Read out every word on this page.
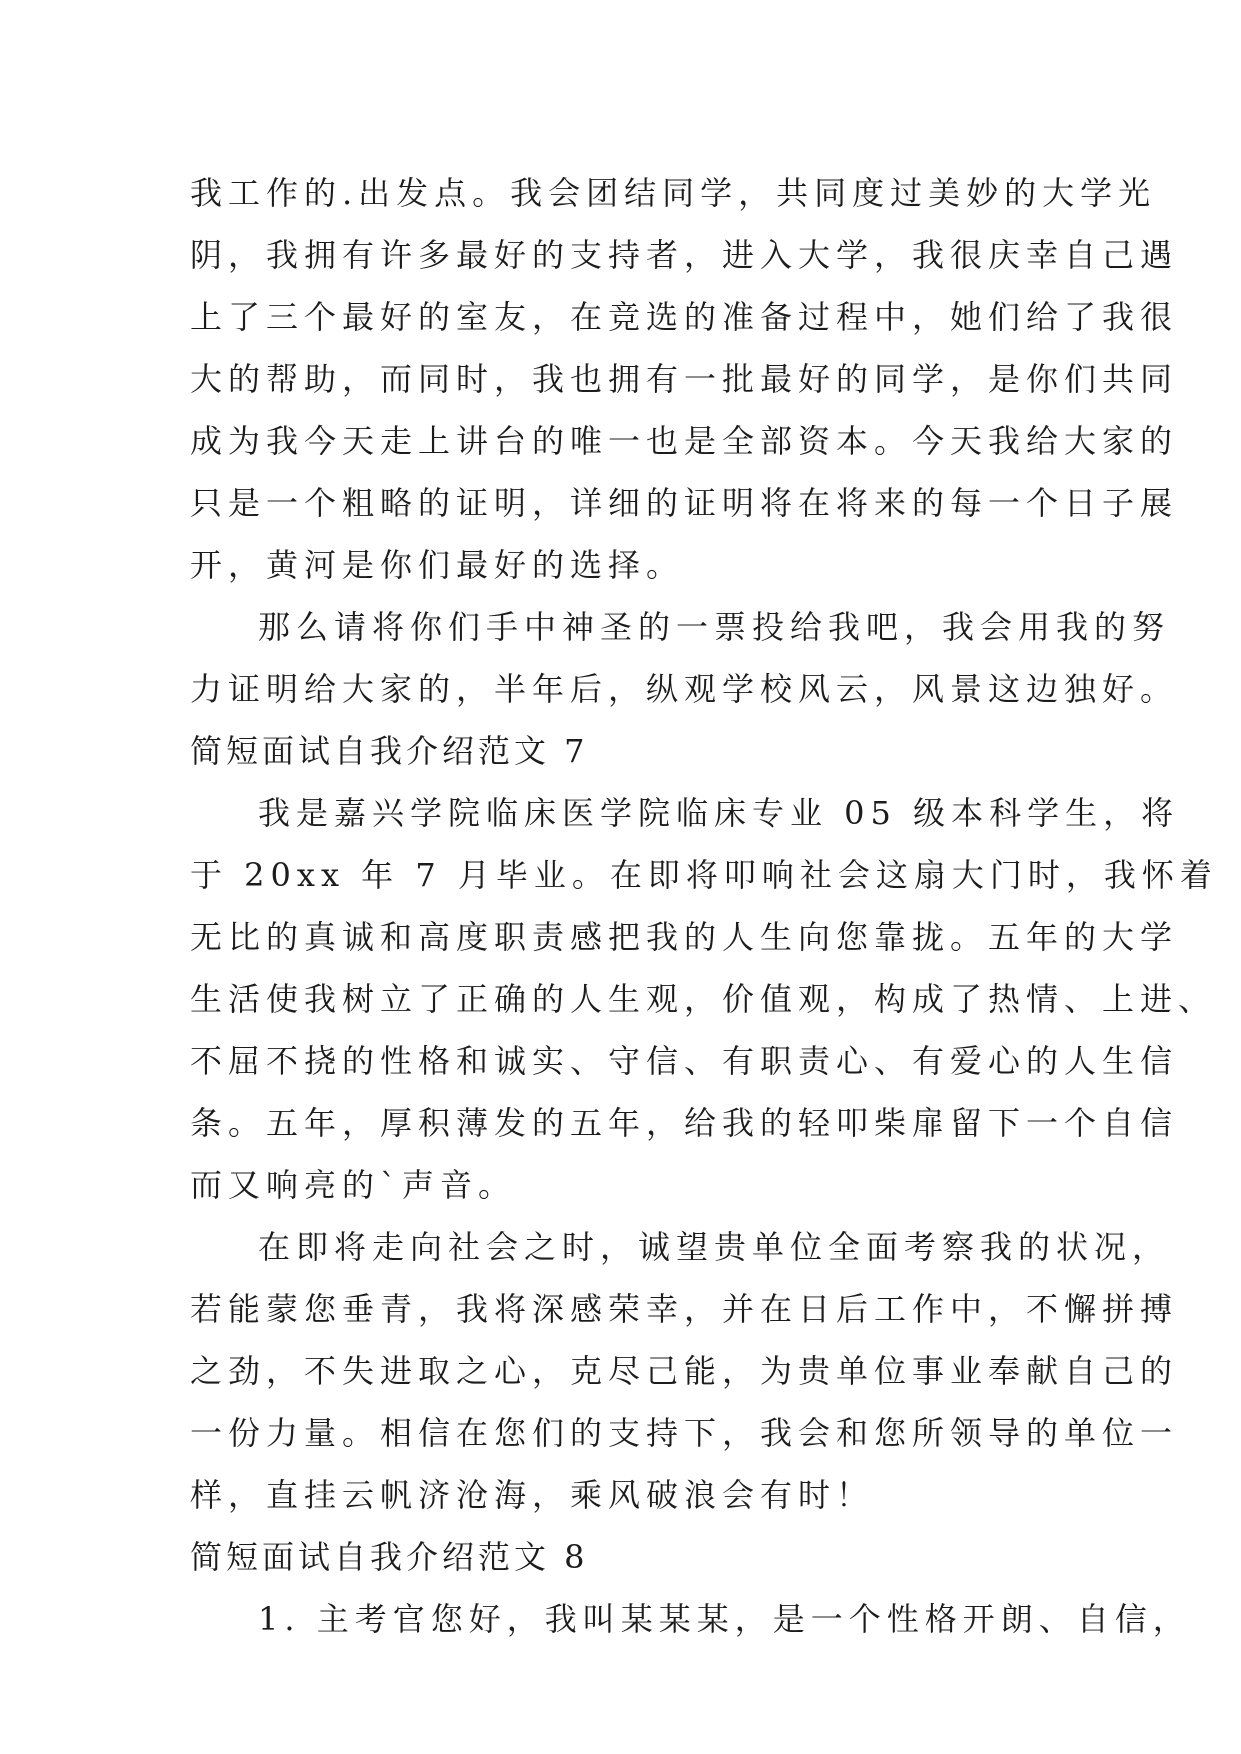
我工作的.出发点。我会团结同学，共同度过美妙的大学光
阴，我拥有许多最好的支持者，进入大学，我很庆幸自己遇
上了三个最好的室友，在竞选的准备过程中，她们给了我很
大的帮助，而同时，我也拥有一批最好的同学，是你们共同
成为我今天走上讲台的唯一也是全部资本。今天我给大家的
只是一个粗略的证明，详细的证明将在将来的每一个日子展
开，黄河是你们最好的选择。
那么请将你们手中神圣的一票投给我吧，我会用我的努
力证明给大家的，半年后，纵观学校风云，风景这边独好。
简短面试自我介绍范文 7
我是嘉兴学院临床医学院临床专业 05 级本科学生，将
于 20xx 年 7 月毕业。在即将叩响社会这扇大门时，我怀着
无比的真诚和高度职责感把我的人生向您靠拢。五年的大学
生活使我树立了正确的人生观，价值观，构成了热情、上进、
不屈不挠的性格和诚实、守信、有职责心、有爱心的人生信
条。五年，厚积薄发的五年，给我的轻叩柴扉留下一个自信
而又响亮的`声音。
在即将走向社会之时，诚望贵单位全面考察我的状况，
若能蒙您垂青，我将深感荣幸，并在日后工作中，不懈拼搏
之劲，不失进取之心，克尽己能，为贵单位事业奉献自己的
一份力量。相信在您们的支持下，我会和您所领导的单位一
样，直挂云帆济沧海，乘风破浪会有时！
简短面试自我介绍范文 8
1. 主考官您好，我叫某某某，是一个性格开朗、自信，
